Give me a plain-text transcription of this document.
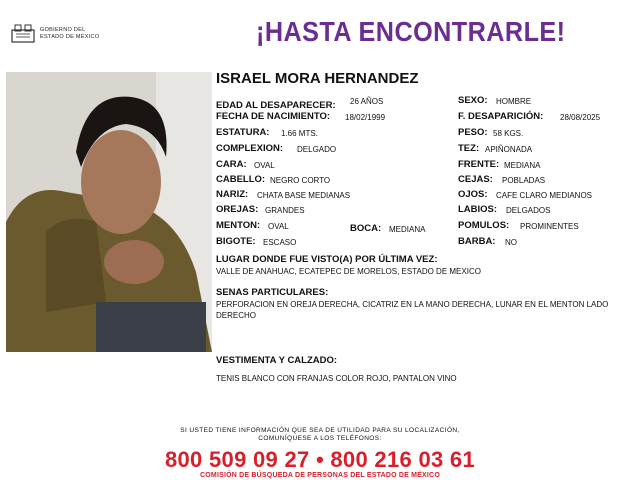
GOBIERNO DEL
ESTADO DE MÉXICO	¡HASTA ENCONTRARLE!
ISRAEL MORA HERNANDEZ
EDAD AL DESAPARECER: 26 AÑOS
FECHA DE NACIMIENTO: 18/02/1999
ESTATURA: 1.66 MTS.
COMPLEXION: DELGADO
CARA: OVAL
CABELLO: NEGRO CORTO
NARIZ: CHATA BASE MEDIANAS
OREJAS: GRANDES
MENTON: OVAL	BOCA: MEDIANA
BIGOTE: ESCASO
SEXO: HOMBRE
F. DESAPARICIÓN: 28/08/2025
PESO: 58 KGS.
TEZ: APIÑONADA
FRENTE: MEDIANA
CEJAS: POBLADAS
OJOS: CAFE CLARO MEDIANOS
LABIOS: DELGADOS
POMULOS: PROMINENTES
BARBA: NO
LUGAR DONDE FUE VISTO(A) POR ÚLTIMA VEZ:
VALLE DE ANAHUAC, ECATEPEC DE MORELOS, ESTADO DE MEXICO
SENAS PARTICULARES:
PERFORACION EN OREJA DERECHA, CICATRIZ EN LA MANO DERECHA, LUNAR EN EL MENTON LADO DERECHO
VESTIMENTA Y CALZADO:
TENIS BLANCO CON FRANJAS COLOR ROJO, PANTALON VINO
SI USTED TIENE INFORMACIÓN QUE SEA DE UTILIDAD PARA SU LOCALIZACIÓN,
COMUNÍQUESE A LOS TELÉFONOS:
800 509 09 27 • 800 216 03 61
COMISIÓN DE BÚSQUEDA DE PERSONAS DEL ESTADO DE MÉXICO
